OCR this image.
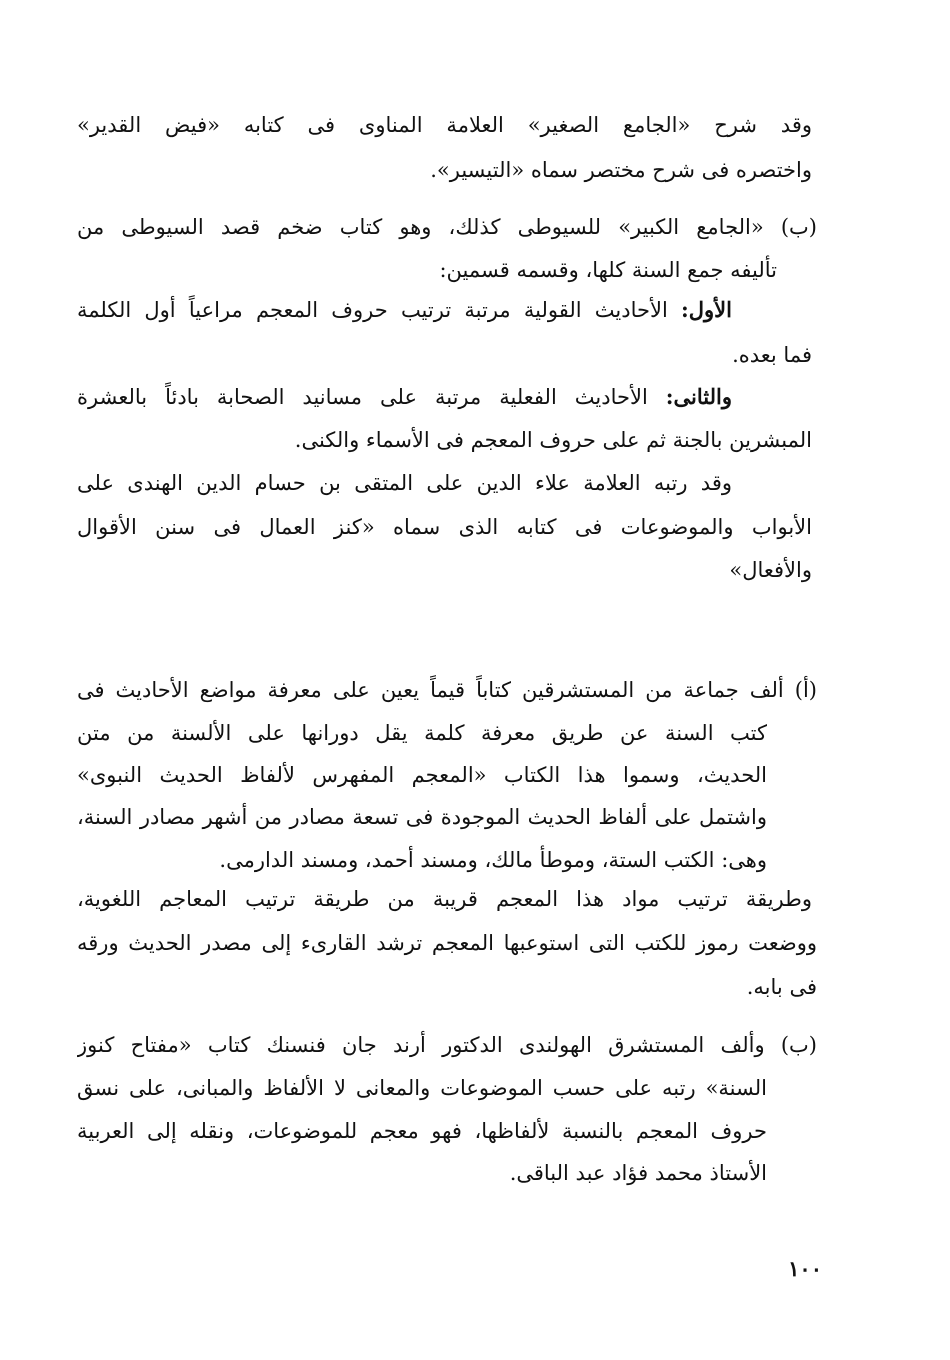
وقد شرح «الجامع الصغير» العلامة المناوى فى كتابه «فيض القدير»
واختصره فى شرح مختصر سماه «التيسير».
(ب) «الجامع الكبير» للسيوطى كذلك، وهو كتاب ضخم قصد السيوطى من
تأليفه جمع السنة كلها، وقسمه قسمين:
الأول: الأحاديث القولية مرتبة ترتيب حروف المعجم مراعياً أول الكلمة
فما بعده.
والثانى: الأحاديث الفعلية مرتبة على مسانيد الصحابة بادئاً بالعشرة
المبشرين بالجنة ثم على حروف المعجم فى الأسماء والكنى.
وقد رتبه العلامة علاء الدين على المتقى بن حسام الدين الهندى على
الأبواب والموضوعات فى كتابه الذى سماه «كنز العمال فى سنن الأقوال
والأفعال»
(أ) ألف جماعة من المستشرقين كتاباً قيماً يعين على معرفة مواضع الأحاديث فى
كتب السنة عن طريق معرفة كلمة يقل دورانها على الألسنة من متن
الحديث، وسموا هذا الكتاب «المعجم المفهرس لألفاظ الحديث النبوى»
واشتمل على ألفاظ الحديث الموجودة فى تسعة مصادر من أشهر مصادر السنة،
وهى: الكتب الستة، وموطأ مالك، ومسند أحمد، ومسند الدارمى.
وطريقة ترتيب مواد هذا المعجم قريبة من طريقة ترتيب المعاجم اللغوية،
ووضعت رموز للكتب التى استوعبها المعجم ترشد القارىء إلى مصدر الحديث ورقه
فى بابه.
(ب) وألف المستشرق الهولندى الدكتور أرند جان فنسنك كتاب «مفتاح كنوز
السنة» رتبه على حسب الموضوعات والمعانى لا الألفاظ والمبانى، على نسق
حروف المعجم بالنسبة لألفاظها، فهو معجم للموضوعات، ونقله إلى العربية
الأستاذ محمد فؤاد عبد الباقى.
١٠٠
